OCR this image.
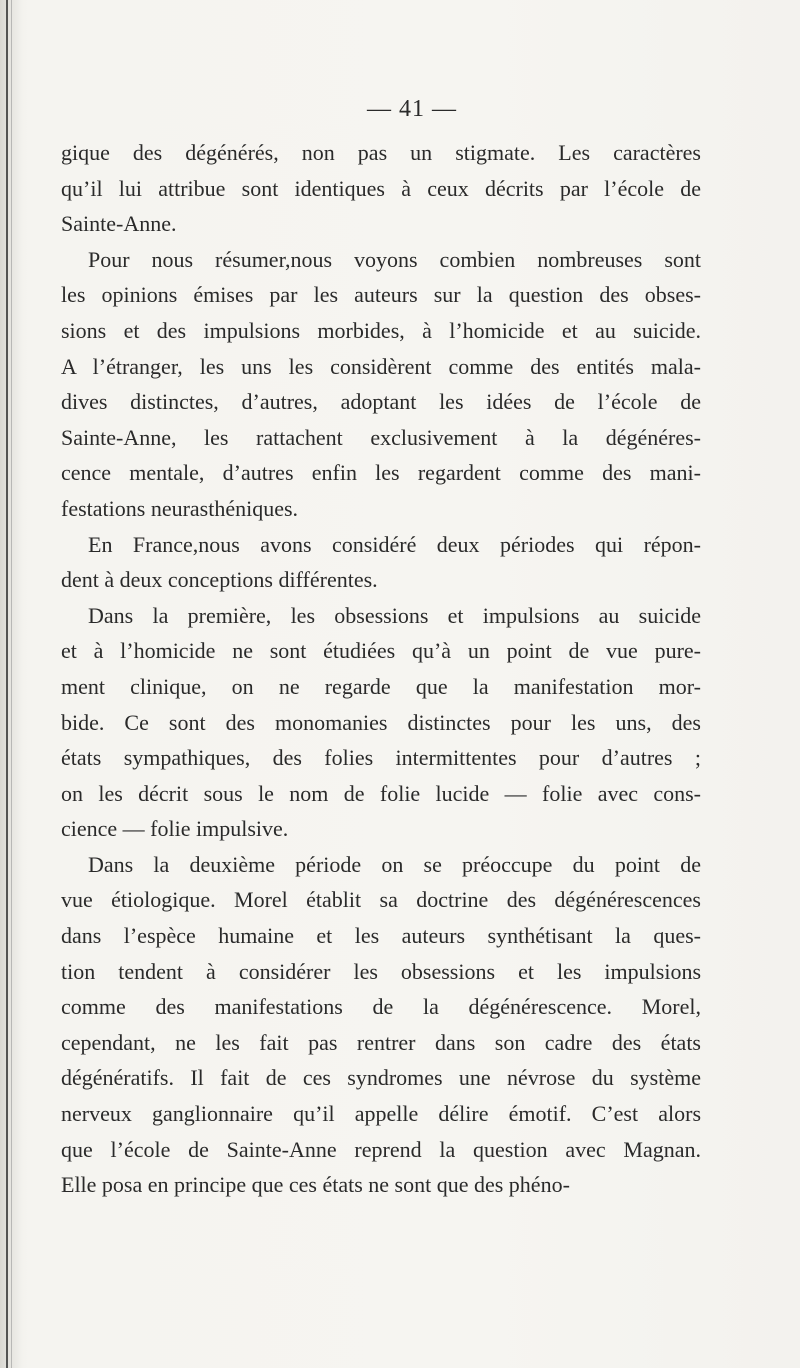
— 41 —
gique des dégénérés, non pas un stigmate. Les caractères
qu’il lui attribue sont identiques à ceux décrits par l’école de
Sainte-Anne.
Pour nous résumer,nous voyons combien nombreuses sont
les opinions émises par les auteurs sur la question des obses-
sions et des impulsions morbides, à l’homicide et au suicide.
A l’étranger, les uns les considèrent comme des entités mala-
dives distinctes, d’autres, adoptant les idées de l’école de
Sainte-Anne, les rattachent exclusivement à la dégénéres-
cence mentale, d’autres enfin les regardent comme des mani-
festations neurasthéniques.
En France,nous avons considéré deux périodes qui répon-
dent à deux conceptions différentes.
Dans la première, les obsessions et impulsions au suicide
et à l’homicide ne sont étudiées qu’à un point de vue pure-
ment clinique, on ne regarde que la manifestation mor-
bide. Ce sont des monomanies distinctes pour les uns, des
états sympathiques, des folies intermittentes pour d’autres ;
on les décrit sous le nom de folie lucide — folie avec cons-
cience — folie impulsive.
Dans la deuxième période on se préoccupe du point de
vue étiologique. Morel établit sa doctrine des dégénérescences
dans l’espèce humaine et les auteurs synthétisant la ques-
tion tendent à considérer les obsessions et les impulsions
comme des manifestations de la dégénérescence. Morel,
cependant, ne les fait pas rentrer dans son cadre des états
dégénératifs. Il fait de ces syndromes une névrose du système
nerveux ganglionnaire qu’il appelle délire émotif. C’est alors
que l’école de Sainte-Anne reprend la question avec Magnan.
Elle posa en principe que ces états ne sont que des phéno-
